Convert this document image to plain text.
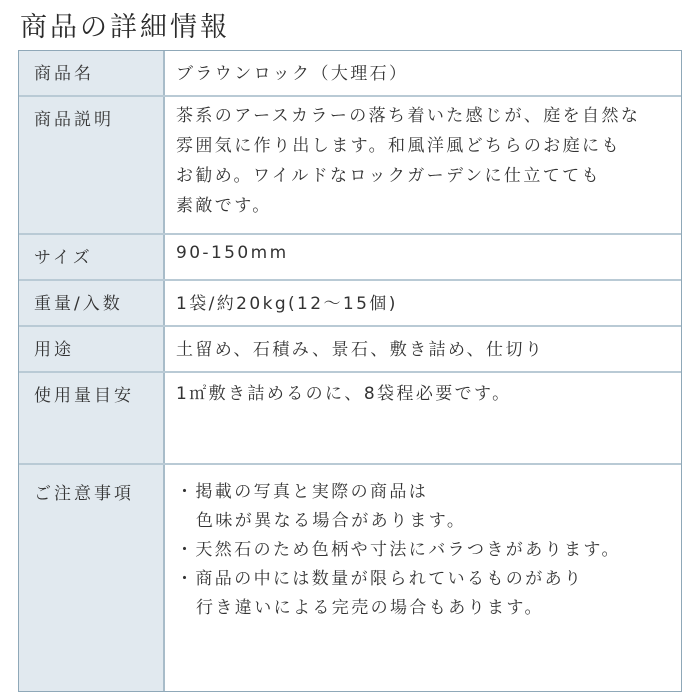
商品の詳細情報
商品名	ブラウンロック（大理石）
商品説明	茶系のアースカラーの落ち着いた感じが、庭を自然な
雰囲気に作り出します。和風洋風どちらのお庭にも
お勧め。ワイルドなロックガーデンに仕立てても
素敵です。
サイズ	90-150mm
重量/入数	1袋/約20kg(12～15個)
用途	土留め、石積み、景石、敷き詰め、仕切り
使用量目安	1㎡敷き詰めるのに、8袋程必要です。
ご注意事項	・掲載の写真と実際の商品は
色味が異なる場合があります。
・天然石のため色柄や寸法にバラつきがあります。
・商品の中には数量が限られているものがあり
行き違いによる完売の場合もあります。
